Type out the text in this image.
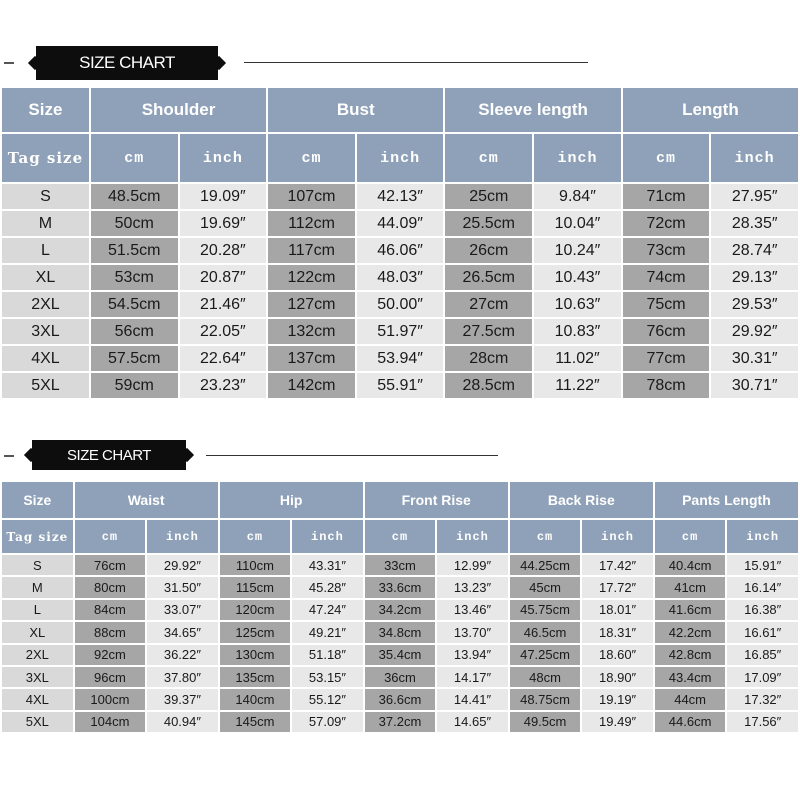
SIZE CHART
Size	Shoulder		Bust		Sleeve length		Length	
Tag size	cm	inch	cm	inch	cm	inch	cm	inch
S	48.5cm	19.09″	107cm	42.13″	25cm	9.84″	71cm	27.95″
M	50cm	19.69″	112cm	44.09″	25.5cm	10.04″	72cm	28.35″
L	51.5cm	20.28″	117cm	46.06″	26cm	10.24″	73cm	28.74″
XL	53cm	20.87″	122cm	48.03″	26.5cm	10.43″	74cm	29.13″
2XL	54.5cm	21.46″	127cm	50.00″	27cm	10.63″	75cm	29.53″
3XL	56cm	22.05″	132cm	51.97″	27.5cm	10.83″	76cm	29.92″
4XL	57.5cm	22.64″	137cm	53.94″	28cm	11.02″	77cm	30.31″
5XL	59cm	23.23″	142cm	55.91″	28.5cm	11.22″	78cm	30.71″
SIZE CHART
Size	Waist		Hip		Front Rise		Back Rise		Pants Length	
Tag size	cm	inch	cm	inch	cm	inch	cm	inch	cm	inch
S	76cm	29.92″	110cm	43.31″	33cm	12.99″	44.25cm	17.42″	40.4cm	15.91″
M	80cm	31.50″	115cm	45.28″	33.6cm	13.23″	45cm	17.72″	41cm	16.14″
L	84cm	33.07″	120cm	47.24″	34.2cm	13.46″	45.75cm	18.01″	41.6cm	16.38″
XL	88cm	34.65″	125cm	49.21″	34.8cm	13.70″	46.5cm	18.31″	42.2cm	16.61″
2XL	92cm	36.22″	130cm	51.18″	35.4cm	13.94″	47.25cm	18.60″	42.8cm	16.85″
3XL	96cm	37.80″	135cm	53.15″	36cm	14.17″	48cm	18.90″	43.4cm	17.09″
4XL	100cm	39.37″	140cm	55.12″	36.6cm	14.41″	48.75cm	19.19″	44cm	17.32″
5XL	104cm	40.94″	145cm	57.09″	37.2cm	14.65″	49.5cm	19.49″	44.6cm	17.56″
